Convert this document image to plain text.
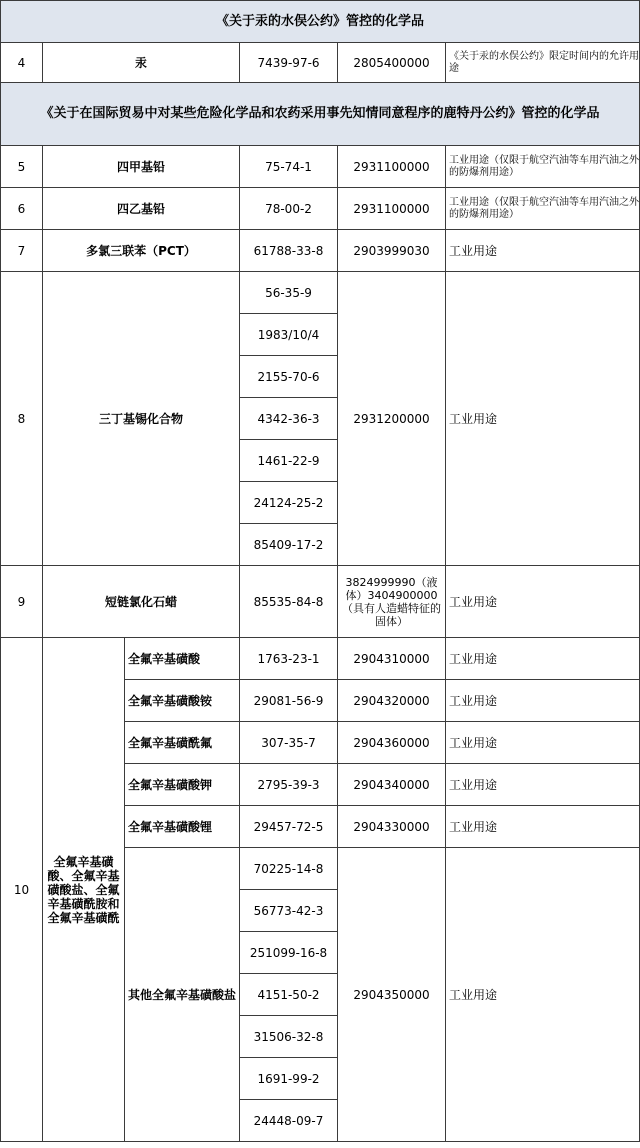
《关于汞的水俣公约》管控的化学品					
4	汞		7439-97-6	2805400000	《关于汞的水俣公约》限定时间内的允许用途
《关于在国际贸易中对某些危险化学品和农药采用事先知情同意程序的鹿特丹公约》管控的化学品					
5	四甲基铅		75-74-1	2931100000	工业用途（仅限于航空汽油等车用汽油之外的防爆剂用途）
6	四乙基铅		78-00-2	2931100000	工业用途（仅限于航空汽油等车用汽油之外的防爆剂用途）
7	多氯三联苯（PCT）		61788-33-8	2903999030	工业用途
8	三丁基锡化合物		56-35-9	2931200000	工业用途
			1983/10/4		
			2155-70-6		
			4342-36-3		
			1461-22-9		
			24124-25-2		
			85409-17-2		
9	短链氯化石蜡		85535-84-8	3824999990（液体）3404900000（具有人造蜡特征的固体）	工业用途
10	全氟辛基磺酸、全氟辛基磺酸盐、全氟辛基磺酰胺和全氟辛基磺酰	全氟辛基磺酸	1763-23-1	2904310000	工业用途
		全氟辛基磺酸铵	29081-56-9	2904320000	工业用途
		全氟辛基磺酰氟	307-35-7	2904360000	工业用途
		全氟辛基磺酸钾	2795-39-3	2904340000	工业用途
		全氟辛基磺酸锂	29457-72-5	2904330000	工业用途
		其他全氟辛基磺酸盐	70225-14-8	2904350000	工业用途
			56773-42-3		
			251099-16-8		
			4151-50-2		
			31506-32-8		
			1691-99-2		
			24448-09-7		
